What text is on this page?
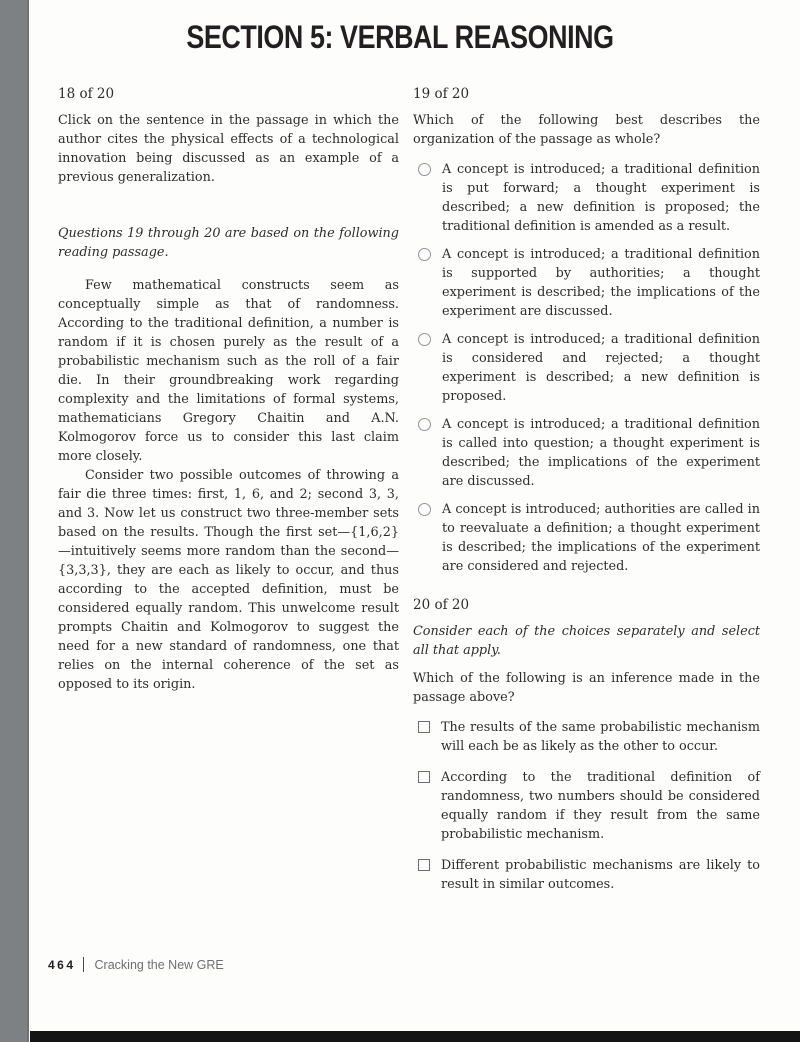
SECTION 5: VERBAL REASONING

18 of 20

Click on the sentence in the passage in which the author cites the physical effects of a technological innovation being discussed as an example of a previous generalization.

Questions 19 through 20 are based on the following reading passage.

Few mathematical constructs seem as conceptually simple as that of randomness. According to the traditional definition, a number is random if it is chosen purely as the result of a probabilistic mechanism such as the roll of a fair die. In their groundbreaking work regarding complexity and the limitations of formal systems, mathematicians Gregory Chaitin and A.N. Kolmogorov force us to consider this last claim more closely.

Consider two possible outcomes of throwing a fair die three times: first, 1, 6, and 2; second 3, 3, and 3. Now let us construct two three-member sets based on the results. Though the first set—{1,6,2}—intuitively seems more random than the second—{3,3,3}, they are each as likely to occur, and thus according to the accepted definition, must be considered equally random. This unwelcome result prompts Chaitin and Kolmogorov to suggest the need for a new standard of randomness, one that relies on the internal coherence of the set as opposed to its origin.

19 of 20

Which of the following best describes the organization of the passage as whole?

A concept is introduced; a traditional definition is put forward; a thought experiment is described; a new definition is proposed; the traditional definition is amended as a result.
A concept is introduced; a traditional definition is supported by authorities; a thought experiment is described; the implications of the experiment are discussed.
A concept is introduced; a traditional definition is considered and rejected; a thought experiment is described; a new definition is proposed.
A concept is introduced; a traditional definition is called into question; a thought experiment is described; the implications of the experiment are discussed.
A concept is introduced; authorities are called in to reevaluate a definition; a thought experiment is described; the implications of the experiment are considered and rejected.

20 of 20

Consider each of the choices separately and select all that apply.

Which of the following is an inference made in the passage above?

The results of the same probabilistic mechanism will each be as likely as the other to occur.
According to the traditional definition of randomness, two numbers should be considered equally random if they result from the same probabilistic mechanism.
Different probabilistic mechanisms are likely to result in similar outcomes.
464 Cracking the New GRE
